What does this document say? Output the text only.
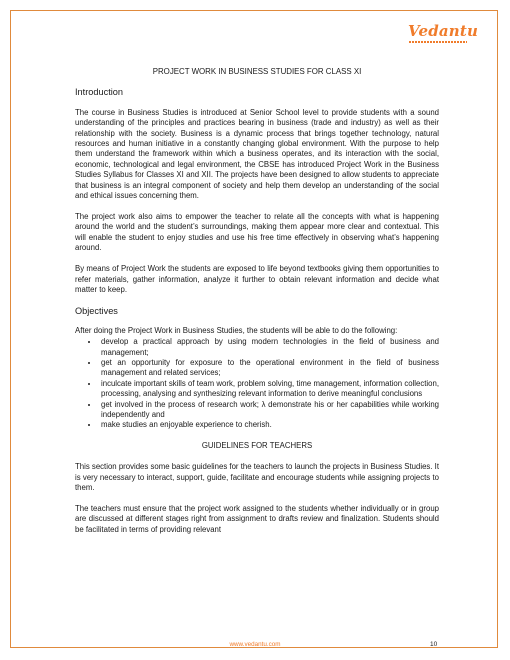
Vedantu
PROJECT WORK IN BUSINESS STUDIES FOR CLASS XI
Introduction

The course in Business Studies is introduced at Senior School level to provide students with a sound understanding of the principles and practices bearing in business (trade and industry) as well as their relationship with the society. Business is a dynamic process that brings together technology, natural resources and human initiative in a constantly changing global environment. With the purpose to help them understand the framework within which a business operates, and its interaction with the social, economic, technological and legal environment, the CBSE has introduced Project Work in the Business Studies Syllabus for Classes XI and XII. The projects have been designed to allow students to appreciate that business is an integral component of society and help them develop an understanding of the social and ethical issues concerning them.

The project work also aims to empower the teacher to relate all the concepts with what is happening around the world and the student’s surroundings, making them appear more clear and contextual. This will enable the student to enjoy studies and use his free time effectively in observing what’s happening around.

By means of Project Work the students are exposed to life beyond textbooks giving them opportunities to refer materials, gather information, analyze it further to obtain relevant information and decide what matter to keep.

Objectives

After doing the Project Work in Business Studies, the students will be able to do the following:

• develop a practical approach by using modern technologies in the field of business and management;
• get an opportunity for exposure to the operational environment in the field of business management and related services;
• inculcate important skills of team work, problem solving, time management, information collection, processing, analysing and synthesizing relevant information to derive meaningful conclusions
• get involved in the process of research work; λ demonstrate his or her capabilities while working independently and
• make studies an enjoyable experience to cherish.
GUIDELINES FOR TEACHERS

This section provides some basic guidelines for the teachers to launch the projects in Business Studies. It is very necessary to interact, support, guide, facilitate and encourage students while assigning projects to them.

The teachers must ensure that the project work assigned to the students whether individually or in group are discussed at different stages right from assignment to drafts review and finalization. Students should be facilitated in terms of providing relevant

www.vedantu.com	10
